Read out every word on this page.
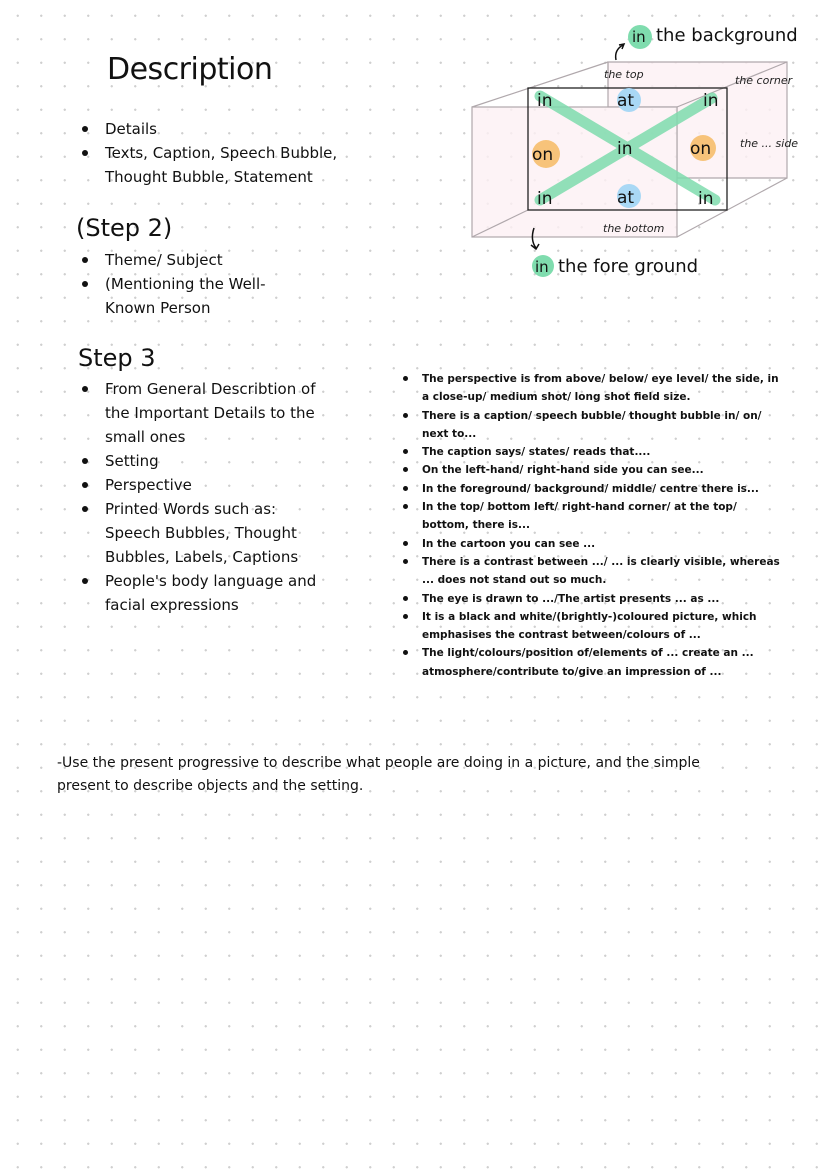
Description
Details
Texts, Caption, Speech Bubble, Thought Bubble, Statement
(Step 2)
Theme/ Subject
(Mentioning the Well-Known Person
Step 3
From General Describtion of the Important Details to the small ones
Setting
Perspective
Printed Words such as: Speech Bubbles, Thought Bubbles, Labels, Captions
People's body language and facial expressions
The perspective is from above/ below/ eye level/ the side, in a close-up/ medium shot/ long shot field size.
There is a caption/ speech bubble/ thought bubble in/ on/ next to...
The caption says/ states/ reads that....
On the left-hand/ right-hand side you can see...
In the foreground/ background/ middle/ centre there is...
In the top/ bottom left/ right-hand corner/ at the top/ bottom, there is...
In the cartoon you can see ...
There is a contrast between .../ ... is clearly visible, whereas ... does not stand out so much.
The eye is drawn to .../The artist presents ... as ...
It is a black and white/(brightly-)coloured picture, which emphasises the contrast between/colours of ...
The light/colours/position of/elements of ... create an ... atmosphere/contribute to/give an impression of ...
in	at	in
on	in	on
in	at	in
in the background
in the fore ground
the top
the bottom
the corner
the ... side
-Use the present progressive to describe what people are doing in a picture, and the simple present to describe objects and the setting.
